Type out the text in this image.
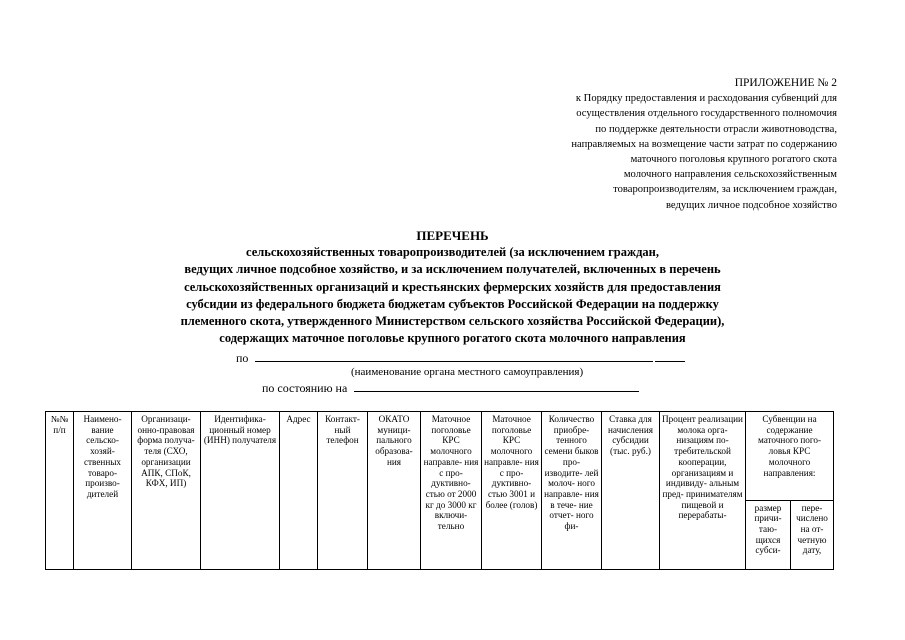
ПРИЛОЖЕНИЕ № 2
к Порядку предоставления и расходования субвенций для
осуществления отдельного государственного полномочия
по поддержке деятельности отрасли животноводства,
направляемых на возмещение части затрат по содержанию
маточного поголовья крупного рогатого скота
молочного направления сельскохозяйственным
товаропроизводителям, за исключением граждан,
ведущих личное подсобное хозяйство
ПЕРЕЧЕНЬ
сельскохозяйственных товаропроизводителей (за исключением граждан,
ведущих личное подсобное хозяйство, и за исключением получателей, включенных в перечень
сельскохозяйственных организаций и крестьянских фермерских хозяйств для предоставления
субсидии из федерального бюджета бюджетам субъектов Российской Федерации на поддержку
племенного скота, утвержденного Министерством сельского хозяйства Российской Федерации),
содержащих маточное поголовье крупного рогатого скота молочного направления
по
(наименование органа местного самоуправления)
по состоянию на
№№ п/п	Наимено- вание сельско- хозяй- ственных товаро- произво- дителей	Организаци- онно-правовая форма получа- теля (СХО, организации АПК, СПоК, КФХ, ИП)	Идентифика- ционный номер (ИНН) получателя	Адрес	Контакт- ный телефон	ОКАТО муници- пального образова- ния	Маточное поголовье КРС молочного направле- ния с про- дуктивно- стью от 2000 кг до 3000 кг включи- тельно	Маточное поголовье КРС молочного направле- ния с про- дуктивно- стью 3001 и более (голов)	Количество приобре- тенного семени быков про- изводите- лей молоч- ного направле- ния в тече- ние отчет- ного фи-	Ставка для начисления субсидии (тыс. руб.)	Процент реализации молока орга- низациям по- требительской кооперации, организациям и индивиду- альным пред- принимателям пищевой и перерабаты-	Субвенции на содержание маточного пого- ловья КРС молочного направления:	
												размер причи- таю- щихся субси-	пере- числено на от- четную дату,
